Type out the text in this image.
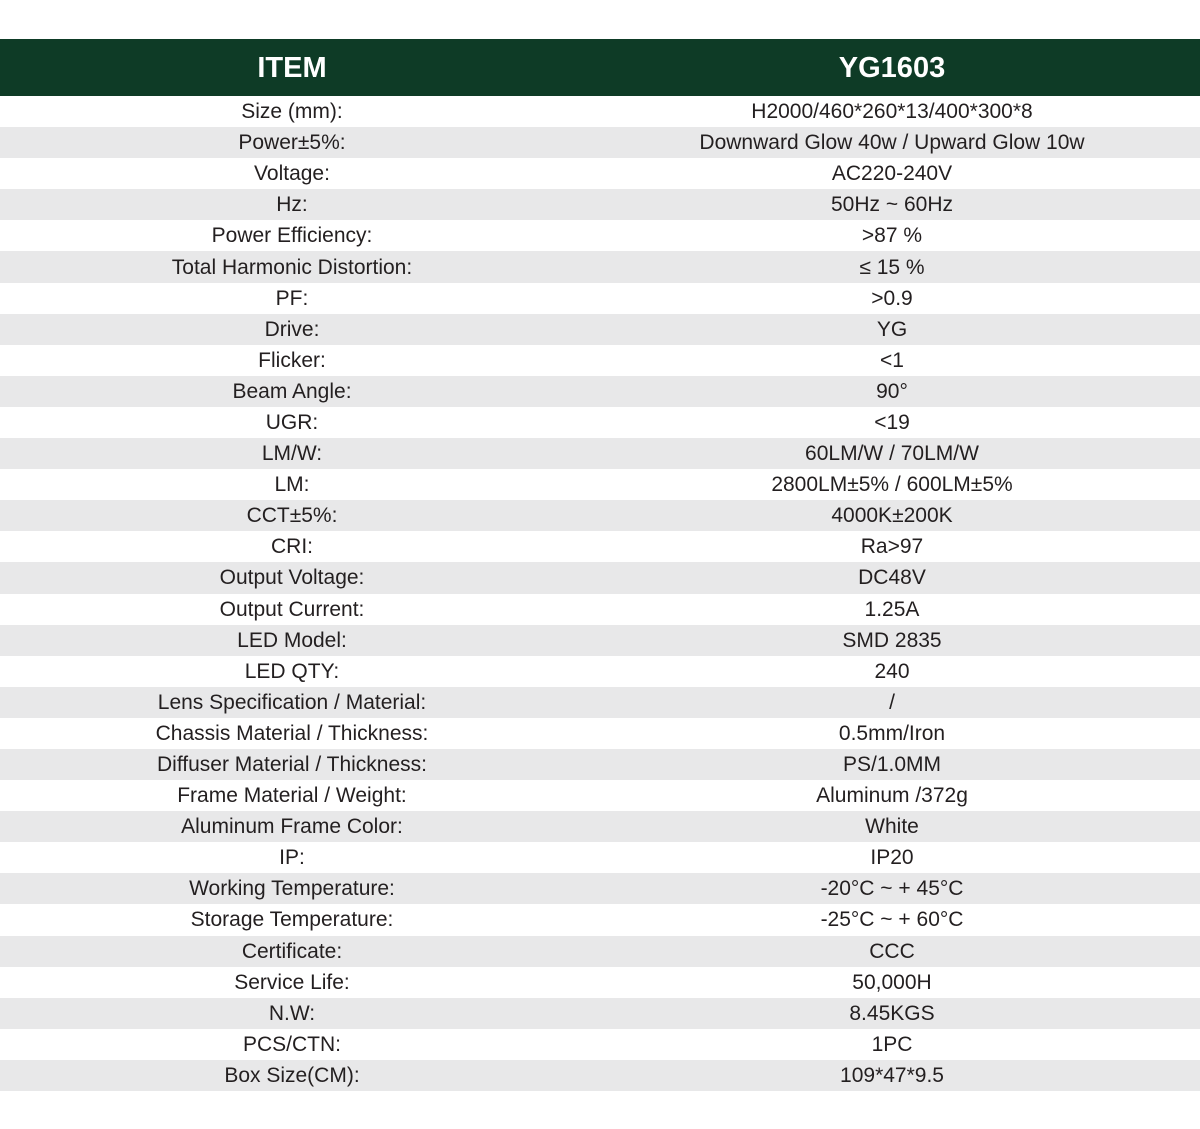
ITEM	YG1603
Size (mm):	H2000/460*260*13/400*300*8
Power±5%:	Downward Glow 40w / Upward Glow 10w
Voltage:	AC220-240V
Hz:	50Hz ~ 60Hz
Power Efficiency:	>87 %
Total Harmonic Distortion:	≤ 15 %
PF:	>0.9
Drive:	YG
Flicker:	<1
Beam Angle:	90°
UGR:	<19
LM/W:	60LM/W / 70LM/W
LM:	2800LM±5% / 600LM±5%
CCT±5%:	4000K±200K
CRI:	Ra>97
Output Voltage:	DC48V
Output Current:	1.25A
LED Model:	SMD 2835
LED QTY:	240
Lens Specification / Material:	/
Chassis Material / Thickness:	0.5mm/Iron
Diffuser Material / Thickness:	PS/1.0MM
Frame Material / Weight:	Aluminum /372g
Aluminum Frame Color:	White
IP:	IP20
Working Temperature:	-20°C ~ + 45°C
Storage Temperature:	-25°C ~ + 60°C
Certificate:	CCC
Service Life:	50,000H
N.W:	8.45KGS
PCS/CTN:	1PC
Box Size(CM):	109*47*9.5
